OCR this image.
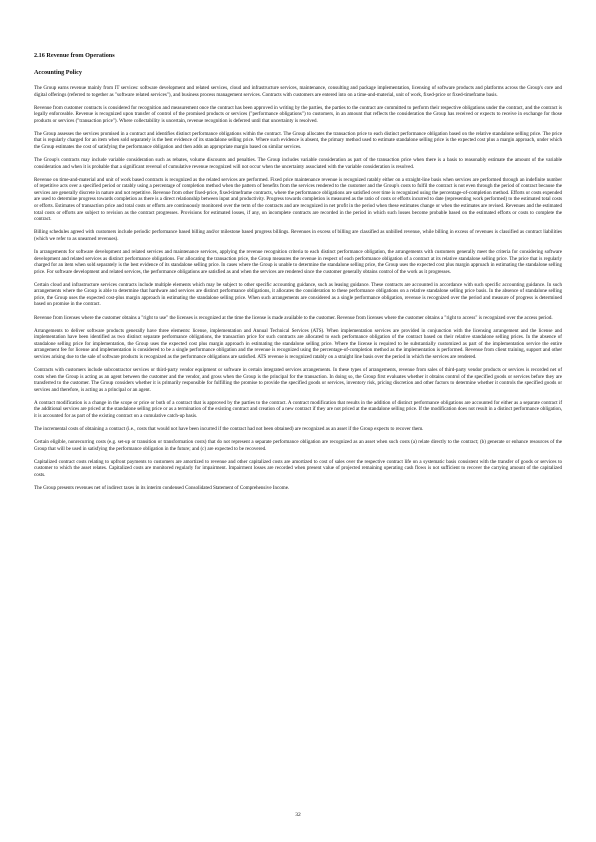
2.16 Revenue from Operations
Accounting Policy

The Group earns revenue mainly from IT services: software development and related services, cloud and infrastructure services, maintenance, consulting and package implementation, licensing of software products and platforms across the Group's core and digital offerings (referred to together as "software related services"), and business process management services. Contracts with customers are entered into on a time-and-material, unit of work, fixed-price or fixed-timeframe basis.

Revenue from customer contracts is considered for recognition and measurement once the contract has been approved in writing by the parties, the parties to the contract are committed to perform their respective obligations under the contract, and the contract is legally enforceable. Revenue is recognized upon transfer of control of the promised products or services ("performance obligations") to customers, in an amount that reflects the consideration the Group has received or expects to receive in exchange for those products or services ("transaction price"). Where collectability is uncertain, revenue recognition is deferred until that uncertainty is resolved.

The Group assesses the services promised in a contract and identifies distinct performance obligations within the contract. The Group allocates the transaction price to each distinct performance obligation based on the relative standalone selling price. The price that is regularly charged for an item when sold separately is the best evidence of its standalone selling price. Where such evidence is absent, the primary method used to estimate standalone selling price is the expected cost plus a margin approach, under which the Group estimates the cost of satisfying the performance obligation and then adds an appropriate margin based on similar services.

The Group's contracts may include variable consideration such as rebates, volume discounts and penalties. The Group includes variable consideration as part of the transaction price when there is a basis to reasonably estimate the amount of the variable consideration and when it is probable that a significant reversal of cumulative revenue recognized will not occur when the uncertainty associated with the variable consideration is resolved.

Revenue on time-and-material and unit of work based contracts is recognized as the related services are performed. Fixed price maintenance revenue is recognized ratably either on a straight-line basis when services are performed through an indefinite number of repetitive acts over a specified period or ratably using a percentage of completion method when the pattern of benefits from the services rendered to the customer and the Group's costs to fulfil the contract is not even through the period of contract because the services are generally discrete in nature and not repetitive. Revenue from other fixed-price, fixed-timeframe contracts, where the performance obligations are satisfied over time is recognized using the percentage-of-completion method. Efforts or costs expended are used to determine progress towards completion as there is a direct relationship between input and productivity. Progress towards completion is measured as the ratio of costs or efforts incurred to date (representing work performed) to the estimated total costs or efforts. Estimates of transaction price and total costs or efforts are continuously monitored over the term of the contracts and are recognized in net profit in the period when these estimates change or when the estimates are revised. Revenues and the estimated total costs or efforts are subject to revision as the contract progresses. Provisions for estimated losses, if any, on incomplete contracts are recorded in the period in which such losses become probable based on the estimated efforts or costs to complete the contract.

Billing schedules agreed with customers include periodic performance based billing and/or milestone based progress billings. Revenues in excess of billing are classified as unbilled revenue, while billing in excess of revenues is classified as contract liabilities (which we refer to as unearned revenues).

In arrangements for software development and related services and maintenance services, applying the revenue recognition criteria to each distinct performance obligation, the arrangements with customers generally meet the criteria for considering software development and related services as distinct performance obligations. For allocating the transaction price, the Group measures the revenue in respect of each performance obligation of a contract at its relative standalone selling price. The price that is regularly charged for an item when sold separately is the best evidence of its standalone selling price. In cases where the Group is unable to determine the standalone selling price, the Group uses the expected cost plus margin approach in estimating the standalone selling price. For software development and related services, the performance obligations are satisfied as and when the services are rendered since the customer generally obtains control of the work as it progresses.

Certain cloud and infrastructure services contracts include multiple elements which may be subject to other specific accounting guidance, such as leasing guidance. These contracts are accounted in accordance with such specific accounting guidance. In such arrangements where the Group is able to determine that hardware and services are distinct performance obligations, it allocates the consideration to these performance obligations on a relative standalone selling price basis. In the absence of standalone selling price, the Group uses the expected cost-plus margin approach in estimating the standalone selling price. When such arrangements are considered as a single performance obligation, revenue is recognized over the period and measure of progress is determined based on promise in the contract.

Revenue from licenses where the customer obtains a "right to use" the licenses is recognized at the time the license is made available to the customer. Revenue from licenses where the customer obtains a "right to access" is recognized over the access period.

Arrangements to deliver software products generally have three elements: license, implementation and Annual Technical Services (ATS). When implementation services are provided in conjunction with the licensing arrangement and the license and implementation have been identified as two distinct separate performance obligations, the transaction price for such contracts are allocated to each performance obligation of the contract based on their relative standalone selling prices. In the absence of standalone selling price for implementation, the Group uses the expected cost plus margin approach in estimating the standalone selling price. Where the license is required to be substantially customized as part of the implementation service the entire arrangement fee for license and implementation is considered to be a single performance obligation and the revenue is recognized using the percentage-of-completion method as the implementation is performed. Revenue from client training, support and other services arising due to the sale of software products is recognized as the performance obligations are satisfied. ATS revenue is recognized ratably on a straight line basis over the period in which the services are rendered.

Contracts with customers include subcontractor services or third-party vendor equipment or software in certain integrated services arrangements. In these types of arrangements, revenue from sales of third-party vendor products or services is recorded net of costs when the Group is acting as an agent between the customer and the vendor, and gross when the Group is the principal for the transaction. In doing so, the Group first evaluates whether it obtains control of the specified goods or services before they are transferred to the customer. The Group considers whether it is primarily responsible for fulfilling the promise to provide the specified goods or services, inventory risk, pricing discretion and other factors to determine whether it controls the specified goods or services and therefore, is acting as a principal or an agent.

A contract modification is a change in the scope or price or both of a contract that is approved by the parties to the contract. A contract modification that results in the addition of distinct performance obligations are accounted for either as a separate contract if the additional services are priced at the standalone selling price or as a termination of the existing contract and creation of a new contract if they are not priced at the standalone selling price. If the modification does not result in a distinct performance obligation, it is accounted for as part of the existing contract on a cumulative catch-up basis.

The incremental costs of obtaining a contract (i.e., costs that would not have been incurred if the contract had not been obtained) are recognized as an asset if the Group expects to recover them.

Certain eligible, nonrecurring costs (e.g. set-up or transition or transformation costs) that do not represent a separate performance obligation are recognized as an asset when such costs (a) relate directly to the contract; (b) generate or enhance resources of the Group that will be used in satisfying the performance obligation in the future; and (c) are expected to be recovered.

Capitalized contract costs relating to upfront payments to customers are amortized to revenue and other capitalized costs are amortized to cost of sales over the respective contract life on a systematic basis consistent with the transfer of goods or services to customer to which the asset relates. Capitalized costs are monitored regularly for impairment. Impairment losses are recorded when present value of projected remaining operating cash flows is not sufficient to recover the carrying amount of the capitalized costs.

The Group presents revenues net of indirect taxes in its interim condensed Consolidated Statement of Comprehensive Income.

32
